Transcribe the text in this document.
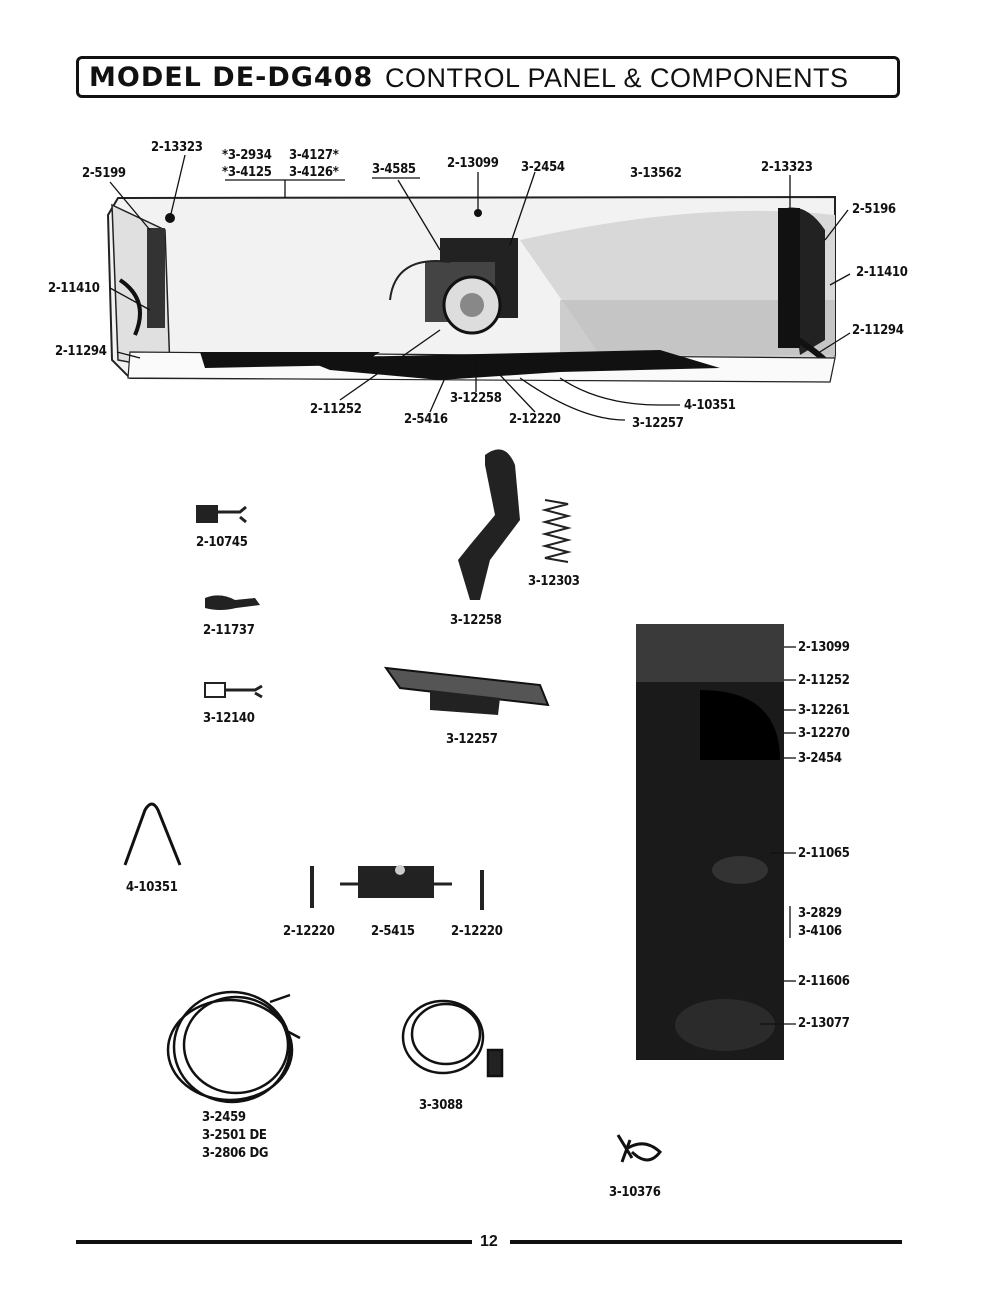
MODEL DE-DG408 CONTROL PANEL & COMPONENTS
2-13323
*3-2934 3-4127*
*3-4125 3-4126*
2-5199	3-4585 2-13099 3-2454	3-13562	2-13323
2-5196
2-11410
2-11410
2-11294
2-11294
2-11252
2-5416
3-12258
2-12220
4-10351
3-12257
2-10745
2-11737
3-12140
3-12258
3-12303
3-12257
4-10351
2-12220	2-5415	2-12220
3-2459
3-2501 DE
3-2806 DG
3-3088
3-10376
2-13099
2-11252
3-12261
3-12270
3-2454
2-11065
3-2829
3-4106
2-11606
2-13077
12
